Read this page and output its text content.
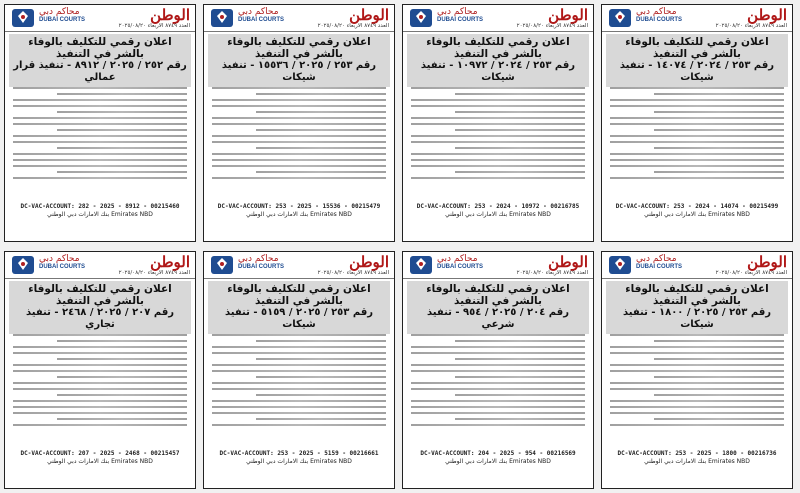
محاكم دبي
DUBAI COURTS	الوطن
العدد ٨٧٤٩ الاربعاء ٢٠٢٥/٠٨/٢٠
اعلان رقمي للتكليف بالوفاء بالشر في التنفيذ
رقم ٢٥٢ / ٢٠٢٥ / ٨٩١٢ - تنفيذ قرار عمالي
DC-VAC-ACCOUNT: 282 - 2025 - 8912 - 00215460
Emirates NBD بنك الامارات دبي الوطني
محاكم دبي
DUBAI COURTS	الوطن
العدد ٨٧٤٩ الاربعاء ٢٠٢٥/٠٨/٢٠
اعلان رقمي للتكليف بالوفاء بالشر في التنفيذ
رقم ٢٥٣ / ٢٠٢٥ / ١٥٥٣٦ - تنفيذ شيكات
DC-VAC-ACCOUNT: 253 - 2025 - 15536 - 00215479
Emirates NBD بنك الامارات دبي الوطني
محاكم دبي
DUBAI COURTS	الوطن
العدد ٨٧٤٩ الاربعاء ٢٠٢٥/٠٨/٢٠
اعلان رقمي للتكليف بالوفاء بالشر في التنفيذ
رقم ٢٥٣ / ٢٠٢٤ / ١٠٩٧٢ - تنفيذ شيكات
DC-VAC-ACCOUNT: 253 - 2024 - 10972 - 00216785
Emirates NBD بنك الامارات دبي الوطني
محاكم دبي
DUBAI COURTS	الوطن
العدد ٨٧٤٩ الاربعاء ٢٠٢٥/٠٨/٢٠
اعلان رقمي للتكليف بالوفاء بالشر في التنفيذ
رقم ٢٥٣ / ٢٠٢٤ / ١٤٠٧٤ - تنفيذ شيكات
DC-VAC-ACCOUNT: 253 - 2024 - 14074 - 00215499
Emirates NBD بنك الامارات دبي الوطني
محاكم دبي
DUBAI COURTS	الوطن
العدد ٨٧٤٩ الاربعاء ٢٠٢٥/٠٨/٢٠
اعلان رقمي للتكليف بالوفاء بالشر في التنفيذ
رقم ٢٠٧ / ٢٠٢٥ / ٢٤٦٨ - تنفيذ تجاري
DC-VAC-ACCOUNT: 207 - 2025 - 2468 - 00215457
Emirates NBD بنك الامارات دبي الوطني
محاكم دبي
DUBAI COURTS	الوطن
العدد ٨٧٤٩ الاربعاء ٢٠٢٥/٠٨/٢٠
اعلان رقمي للتكليف بالوفاء بالشر في التنفيذ
رقم ٢٥٣ / ٢٠٢٥ / ٥١٥٩ - تنفيذ شيكات
DC-VAC-ACCOUNT: 253 - 2025 - 5159 - 00216661
Emirates NBD بنك الامارات دبي الوطني
محاكم دبي
DUBAI COURTS	الوطن
العدد ٨٧٤٩ الاربعاء ٢٠٢٥/٠٨/٢٠
اعلان رقمي للتكليف بالوفاء بالشر في التنفيذ
رقم ٢٠٤ / ٢٠٢٥ / ٩٥٤ - تنفيذ شرعي
DC-VAC-ACCOUNT: 204 - 2025 - 954 - 00216569
Emirates NBD بنك الامارات دبي الوطني
محاكم دبي
DUBAI COURTS	الوطن
العدد ٨٧٤٩ الاربعاء ٢٠٢٥/٠٨/٢٠
اعلان رقمي للتكليف بالوفاء بالشر في التنفيذ
رقم ٢٥٣ / ٢٠٢٥ / ١٨٠٠ - تنفيذ شيكات
DC-VAC-ACCOUNT: 253 - 2025 - 1800 - 00216736
Emirates NBD بنك الامارات دبي الوطني
